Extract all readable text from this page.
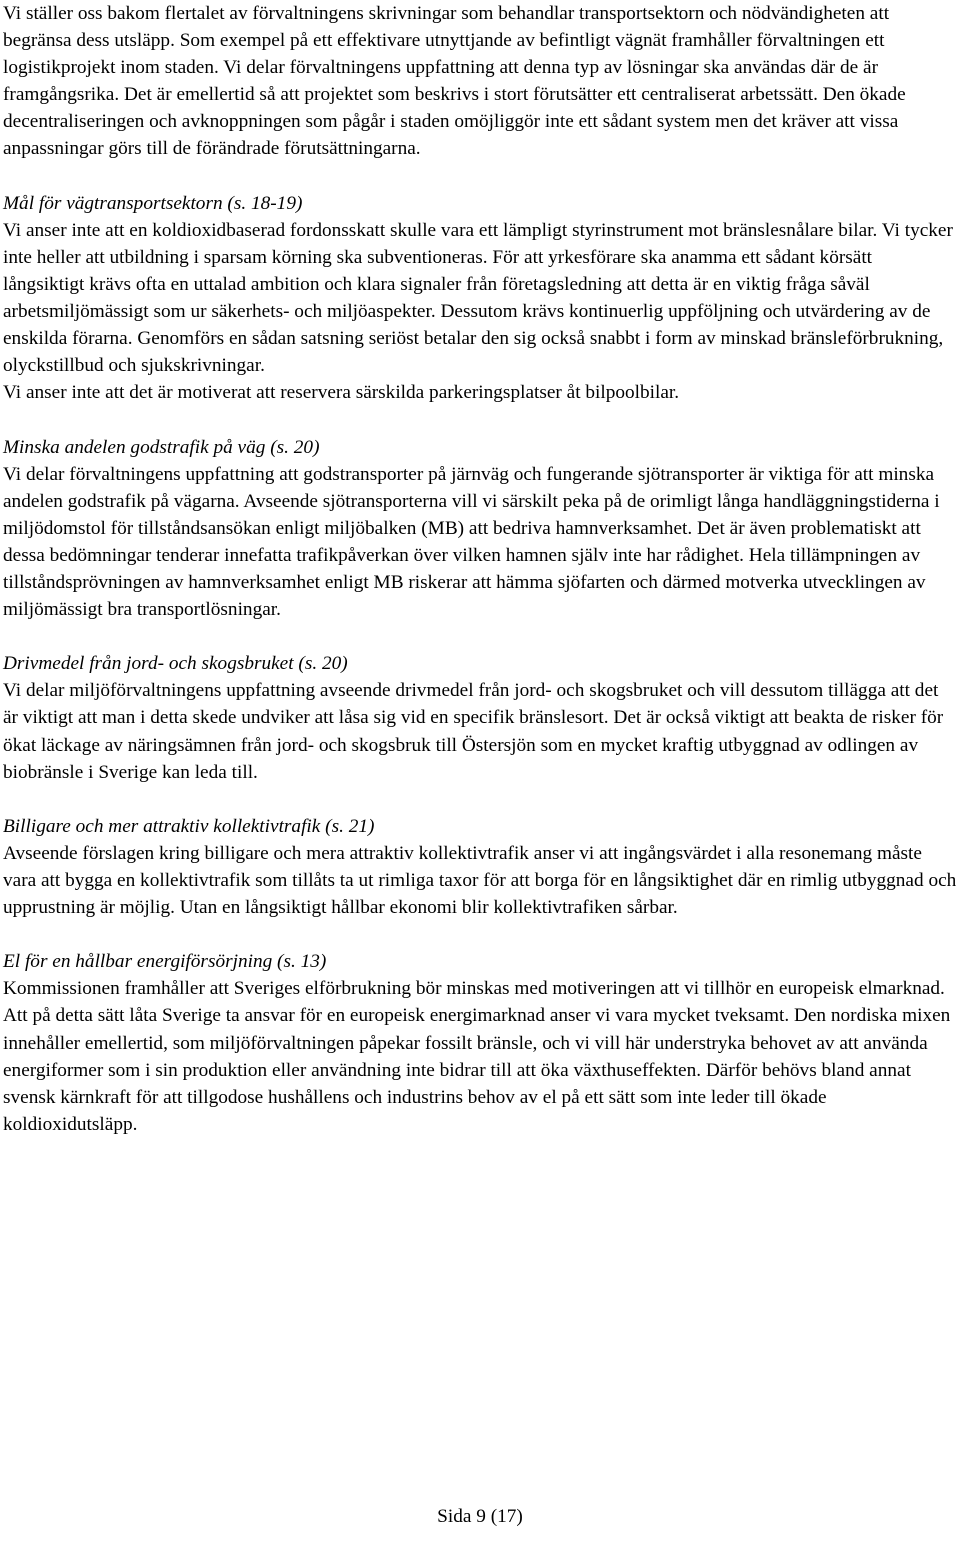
Vi ställer oss bakom flertalet av förvaltningens skrivningar som behandlar transportsektorn och nödvändigheten att begränsa dess utsläpp. Som exempel på ett effektivare utnyttjande av befintligt vägnät framhåller förvaltningen ett logistikprojekt inom staden. Vi delar förvaltningens uppfattning att denna typ av lösningar ska användas där de är framgångsrika. Det är emellertid så att projektet som beskrivs i stort förutsätter ett centraliserat arbetssätt. Den ökade decentraliseringen och avknoppningen som pågår i staden omöjliggör inte ett sådant system men det kräver att vissa anpassningar görs till de förändrade förutsättningarna.

Mål för vägtransportsektorn (s. 18-19)

Vi anser inte att en koldioxidbaserad fordonsskatt skulle vara ett lämpligt styrinstrument mot bränslesnålare bilar. Vi tycker inte heller att utbildning i sparsam körning ska subventioneras. För att yrkesförare ska anamma ett sådant körsätt långsiktigt krävs ofta en uttalad ambition och klara signaler från företagsledning att detta är en viktig fråga såväl arbetsmiljömässigt som ur säkerhets- och miljöaspekter. Dessutom krävs kontinuerlig uppföljning och utvärdering av de enskilda förarna. Genomförs en sådan satsning seriöst betalar den sig också snabbt i form av minskad bränsleförbrukning, olyckstillbud och sjukskrivningar.

Vi anser inte att det är motiverat att reservera särskilda parkeringsplatser åt bilpoolbilar.

Minska andelen godstrafik på väg (s. 20)

Vi delar förvaltningens uppfattning att godstransporter på järnväg och fungerande sjötransporter är viktiga för att minska andelen godstrafik på vägarna. Avseende sjötransporterna vill vi särskilt peka på de orimligt långa handläggningstiderna i miljödomstol för tillståndsansökan enligt miljöbalken (MB) att bedriva hamnverksamhet. Det är även problematiskt att dessa bedömningar tenderar innefatta trafikpåverkan över vilken hamnen själv inte har rådighet. Hela tillämpningen av tillståndsprövningen av hamnverksamhet enligt MB riskerar att hämma sjöfarten och därmed motverka utvecklingen av miljömässigt bra transportlösningar.

Drivmedel från jord- och skogsbruket (s. 20)

Vi delar miljöförvaltningens uppfattning avseende drivmedel från jord- och skogsbruket och vill dessutom tillägga att det är viktigt att man i detta skede undviker att låsa sig vid en specifik bränslesort. Det är också viktigt att beakta de risker för ökat läckage av näringsämnen från jord- och skogsbruk till Östersjön som en mycket kraftig utbyggnad av odlingen av biobränsle i Sverige kan leda till.

Billigare och mer attraktiv kollektivtrafik (s. 21)

Avseende förslagen kring billigare och mera attraktiv kollektivtrafik anser vi att ingångsvärdet i alla resonemang måste vara att bygga en kollektivtrafik som tillåts ta ut rimliga taxor för att borga för en långsiktighet där en rimlig utbyggnad och upprustning är möjlig. Utan en långsiktigt hållbar ekonomi blir kollektivtrafiken sårbar.

El för en hållbar energiförsörjning (s. 13)

Kommissionen framhåller att Sveriges elförbrukning bör minskas med motiveringen att vi tillhör en europeisk elmarknad. Att på detta sätt låta Sverige ta ansvar för en europeisk energimarknad anser vi vara mycket tveksamt. Den nordiska mixen innehåller emellertid, som miljöförvaltningen påpekar fossilt bränsle, och vi vill här understryka behovet av att använda energiformer som i sin produktion eller användning inte bidrar till att öka växthuseffekten. Därför behövs bland annat svensk kärnkraft för att tillgodose hushållens och industrins behov av el på ett sätt som inte leder till ökade koldioxidutsläpp.

Sida 9 (17)
